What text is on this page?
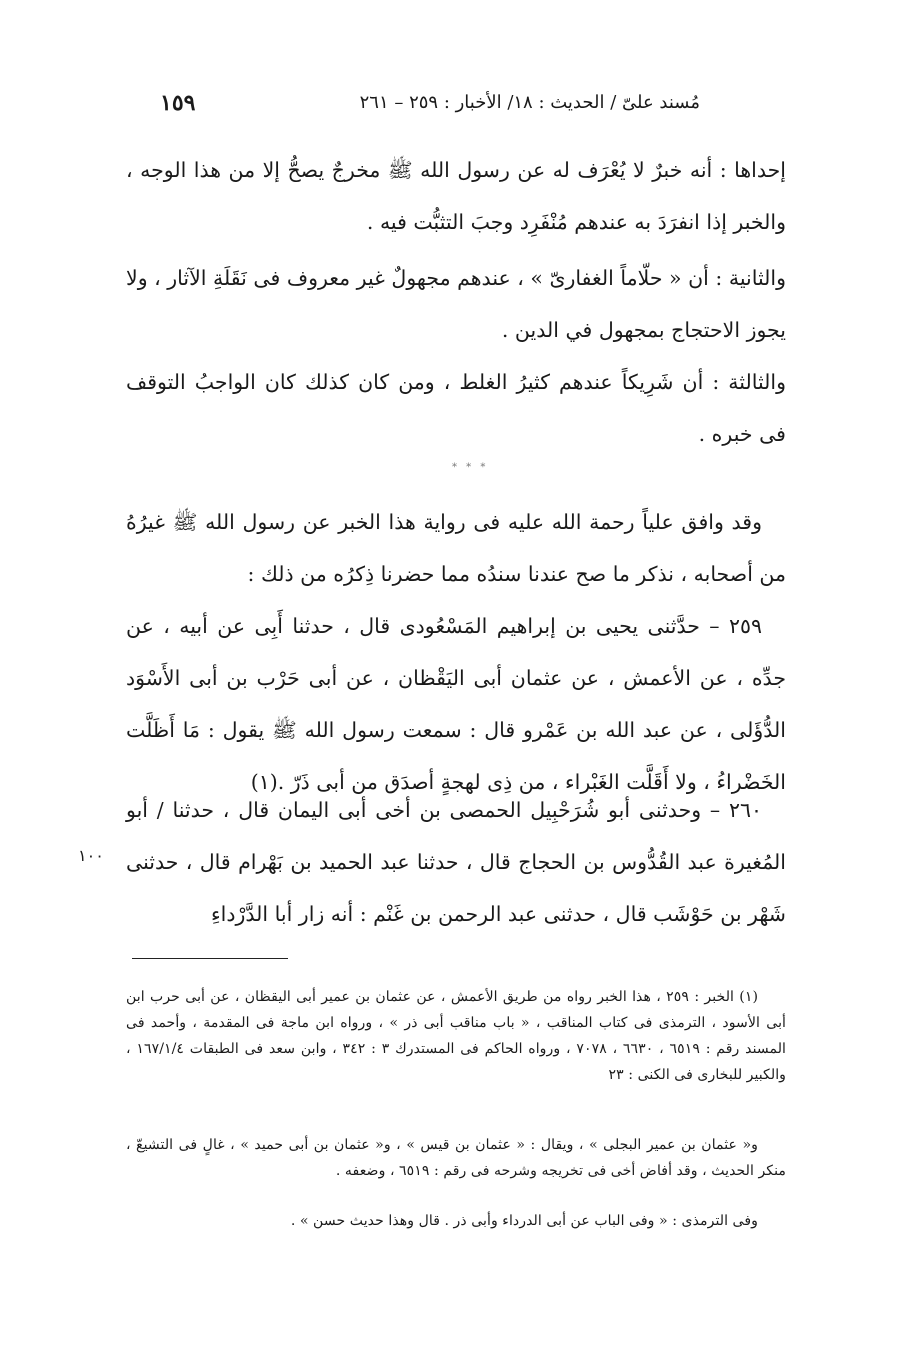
مُسند علىّ / الحديث : ١٨/ الأخبار : ٢٥٩ – ٢٦١
١٥٩

إحداها : أنه خبرٌ لا يُعْرَف له عن رسول الله ﷺ مخرجٌ يصحُّ إلا من هذا الوجه ، والخبر إذا انفرَدَ به عندهم مُنْفَرِد وجبَ التثبُّت فيه .

والثانية : أن « حلّاماً الغفارىّ » ، عندهم مجهولٌ غير معروف فى نَقَلَةِ الآثار ، ولا يجوز الاحتجاج بمجهول في الدين .

والثالثة : أن شَرِيكاً عندهم كثيرُ الغلط ، ومن كان كذلك كان الواجبُ التوقف فى خبره .

* * *

وقد وافق علياً رحمة الله عليه فى رواية هذا الخبر عن رسول الله ﷺ غيرُهُ من أصحابه ، نذكر ما صح عندنا سندُه مما حضرنا ذِكرُه من ذلك :

٢٥٩ – حدَّثنى يحيى بن إبراهيم المَسْعُودى قال ، حدثنا أَبِى عن أبيه ، عن جدِّه ، عن الأعمش ، عن عثمان أبى اليَقْظان ، عن أبى حَرْب بن أبى الأَسْوَد الدُّؤَلى ، عن عبد الله بن عَمْرو قال : سمعت رسول الله ﷺ يقول : مَا أَظَلَّت الخَضْراءُ ، ولا أَقَلَّت الغَبْراء ، من ذِى لهجةٍ أصدَق من أبى ذَرّ .(١)

٢٦٠ – وحدثنى أبو شُرَحْبِيل الحمصى بن أخى أبى اليمان قال ، حدثنا / أبو المُغيرة عبد القُدُّوس بن الحجاج قال ، حدثنا عبد الحميد بن بَهْرام قال ، حدثنى شَهْر بن حَوْشَب قال ، حدثنى عبد الرحمن بن غَنْم : أنه زار أبا الدَّرْداءِ

١٠٠

(١) الخبر : ٢٥٩ ، هذا الخبر رواه من طريق الأعمش ، عن عثمان بن عمير أبى اليقظان ، عن أبى حرب ابن أبى الأسود ، الترمذى فى كتاب المناقب ، « باب مناقب أبى ذر » ، ورواه ابن ماجة فى المقدمة ، وأحمد فى المسند رقم : ٦٥١٩ ، ٦٦٣٠ ، ٧٠٧٨ ، ورواه الحاكم فى المستدرك ٣ : ٣٤٢ ، وابن سعد فى الطبقات ١٦٧/١/٤ ، والكبير للبخارى فى الكنى : ٢٣

و« عثمان بن عمير البجلى » ، ويقال : « عثمان بن قيس » ، و« عثمان بن أبى حميد » ، غالٍ فى التشيعّ ، منكر الحديث ، وقد أفاض أخى فى تخريجه وشرحه فى رقم : ٦٥١٩ ، وضعفه .

وفى الترمذى : « وفى الباب عن أبى الدرداء وأبى ذر . قال وهذا حديث حسن » .
